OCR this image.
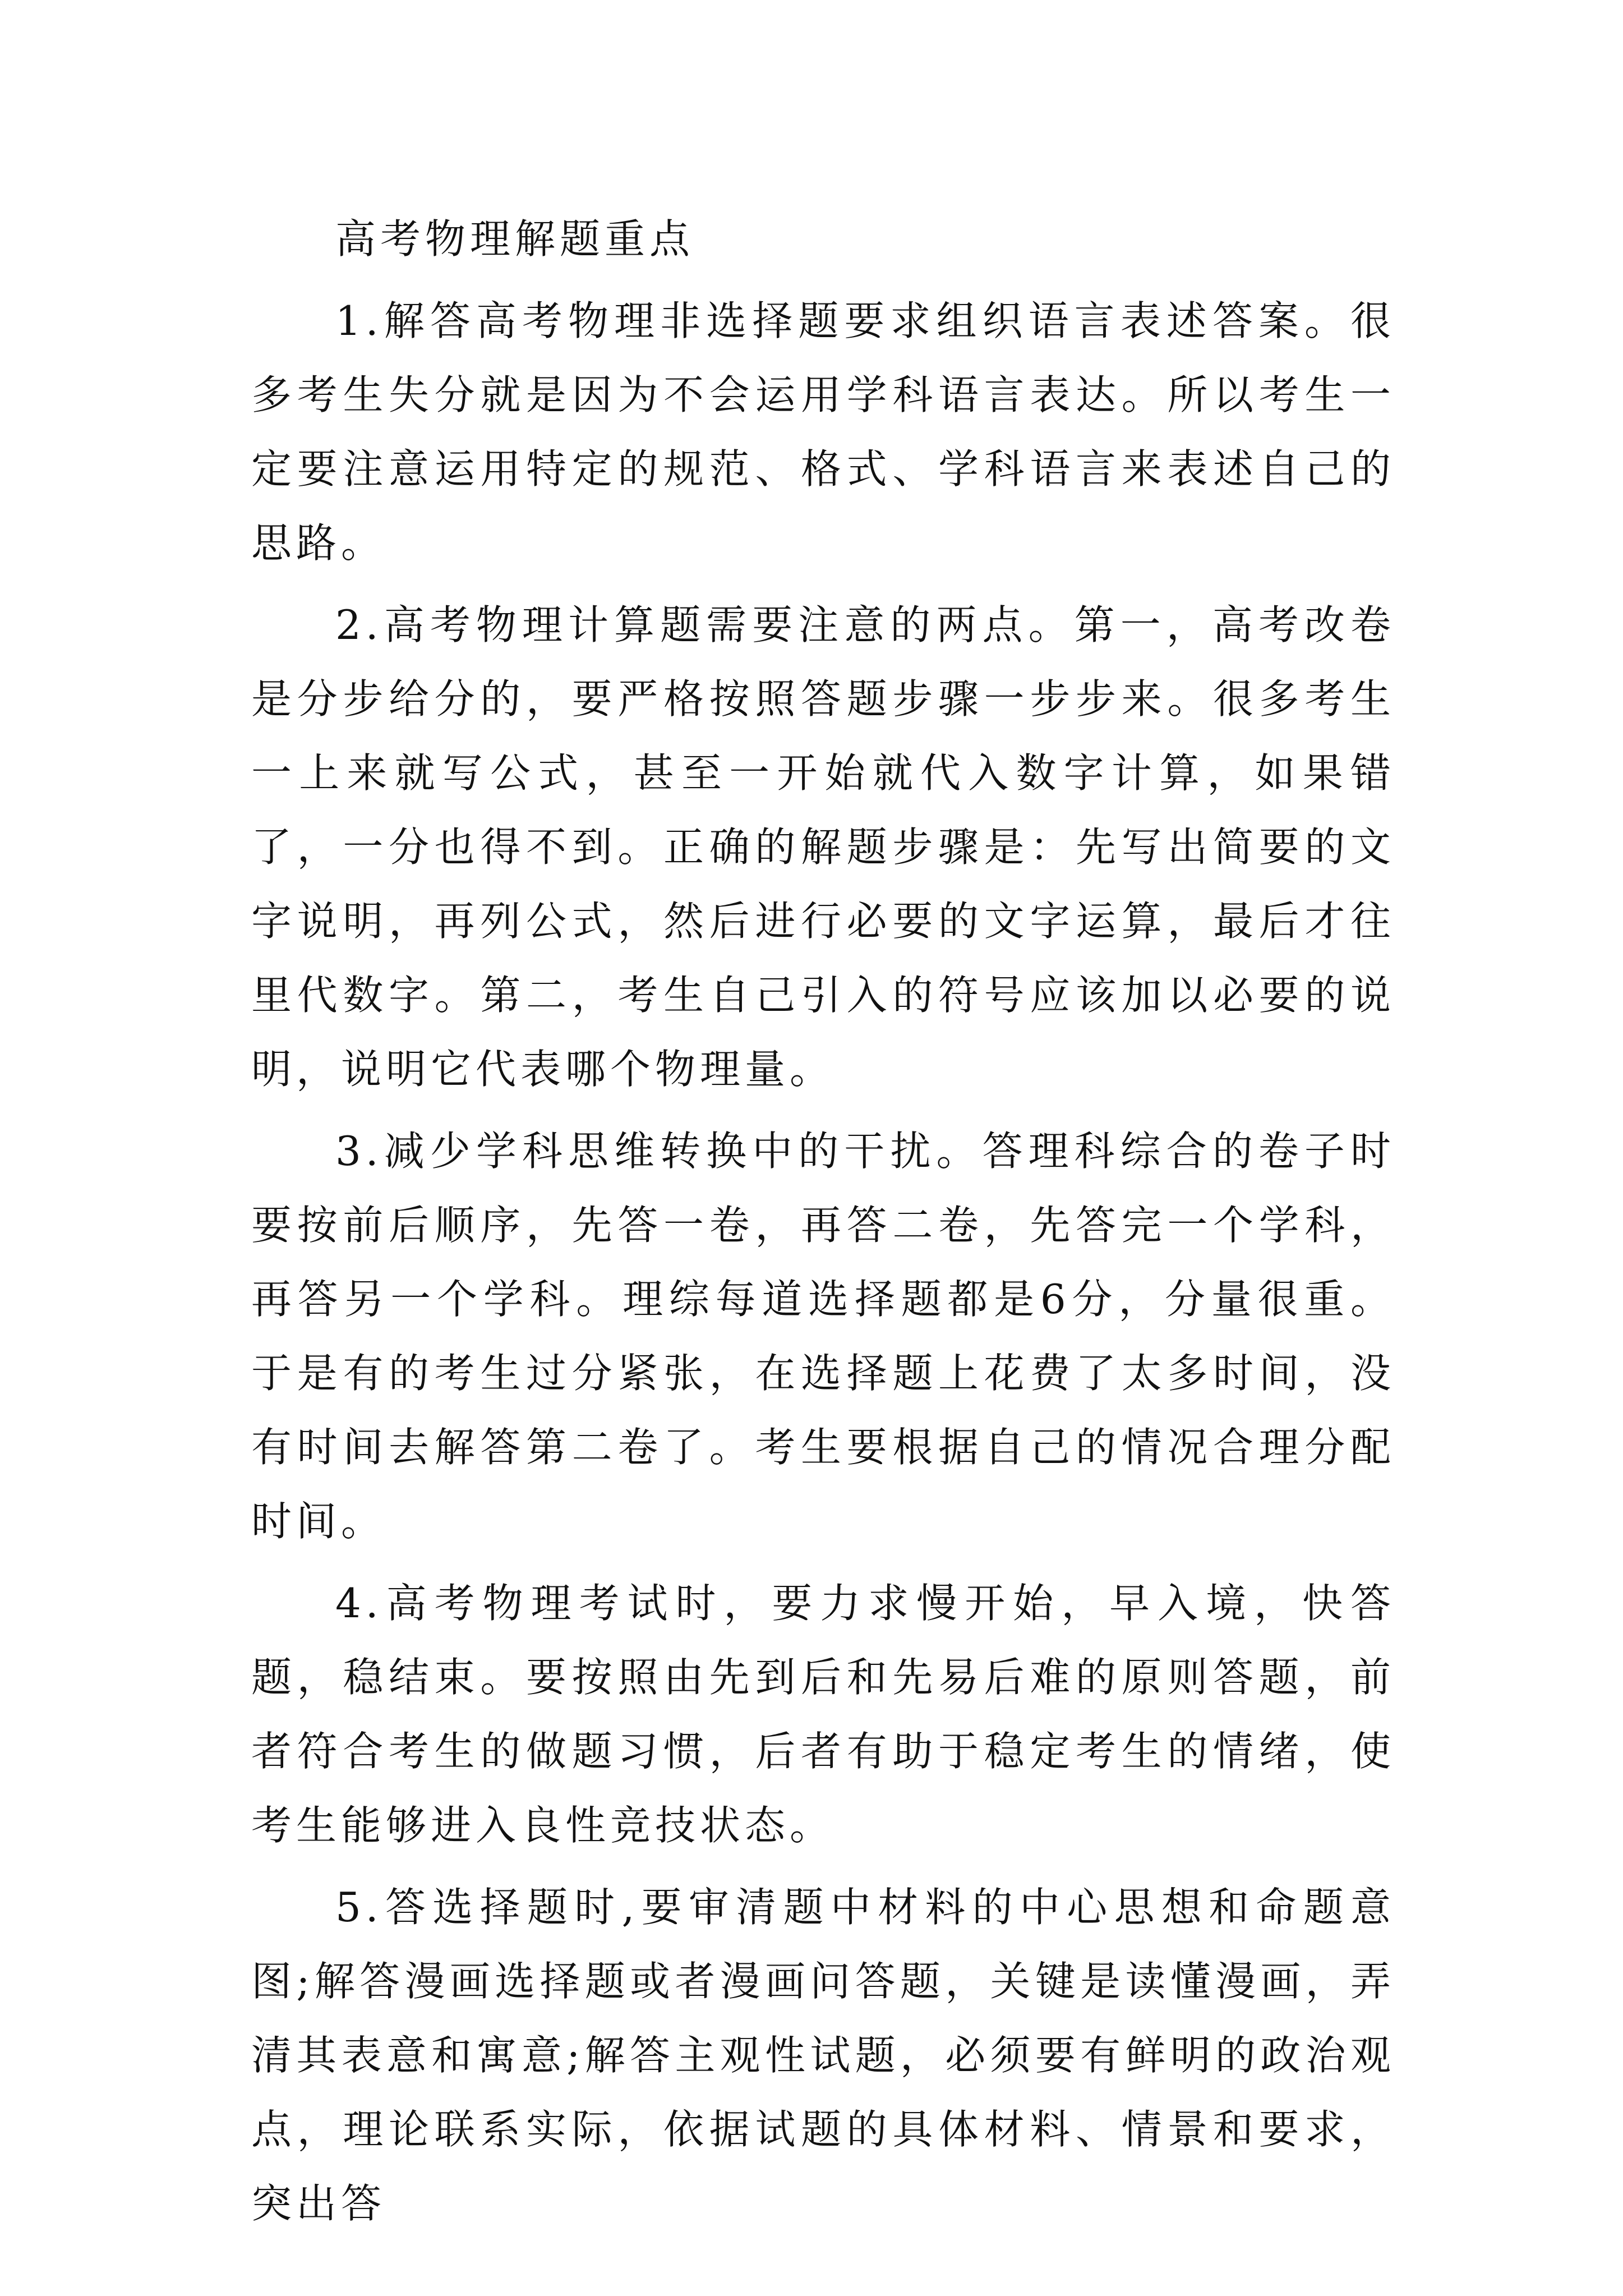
高考物理解题重点

1.解答高考物理非选择题要求组织语言表述答案。很多考生失分就是因为不会运用学科语言表达。所以考生一定要注意运用特定的规范、格式、学科语言来表述自己的思路。

2.高考物理计算题需要注意的两点。第一，高考改卷是分步给分的，要严格按照答题步骤一步步来。很多考生一上来就写公式，甚至一开始就代入数字计算，如果错了，一分也得不到。正确的解题步骤是：先写出简要的文字说明，再列公式，然后进行必要的文字运算，最后才往里代数字。第二，考生自己引入的符号应该加以必要的说明，说明它代表哪个物理量。

3.减少学科思维转换中的干扰。答理科综合的卷子时要按前后顺序，先答一卷，再答二卷，先答完一个学科，再答另一个学科。理综每道选择题都是6分，分量很重。于是有的考生过分紧张，在选择题上花费了太多时间，没有时间去解答第二卷了。考生要根据自己的情况合理分配时间。

4.高考物理考试时，要力求慢开始，早入境，快答题，稳结束。要按照由先到后和先易后难的原则答题，前者符合考生的做题习惯，后者有助于稳定考生的情绪，使考生能够进入良性竞技状态。

5.答选择题时,要审清题中材料的中心思想和命题意图;解答漫画选择题或者漫画问答题，关键是读懂漫画，弄清其表意和寓意;解答主观性试题，必须要有鲜明的政治观点，理论联系实际，依据试题的具体材料、情景和要求，突出答
